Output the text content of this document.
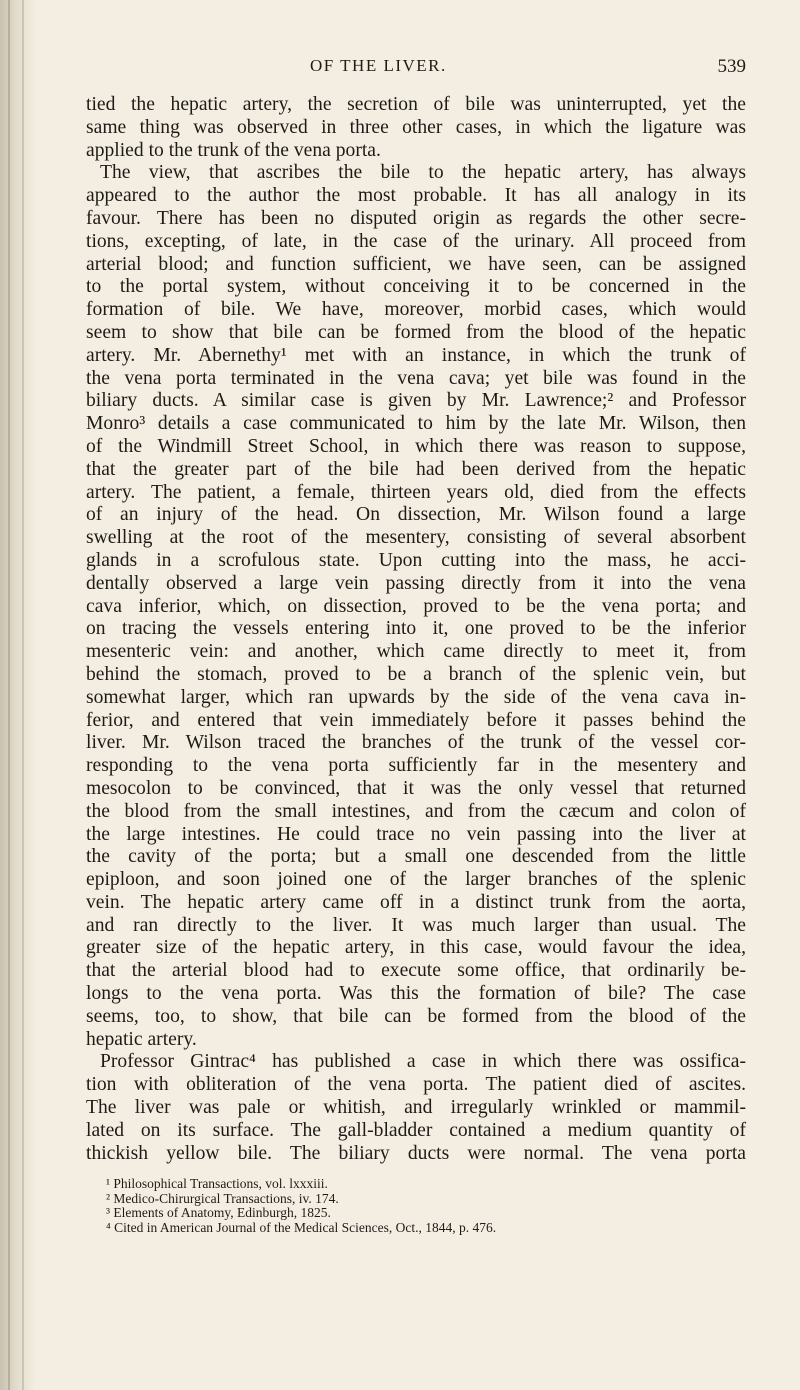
OF THE LIVER.	539
tied the hepatic artery, the secretion of bile was uninterrupted, yet the
same thing was observed in three other cases, in which the ligature was
applied to the trunk of the vena porta.
The view, that ascribes the bile to the hepatic artery, has always
appeared to the author the most probable. It has all analogy in its
favour. There has been no disputed origin as regards the other secre-
tions, excepting, of late, in the case of the urinary. All proceed from
arterial blood; and function sufficient, we have seen, can be assigned
to the portal system, without conceiving it to be concerned in the
formation of bile. We have, moreover, morbid cases, which would
seem to show that bile can be formed from the blood of the hepatic
artery. Mr. Abernethy¹ met with an instance, in which the trunk of
the vena porta terminated in the vena cava; yet bile was found in the
biliary ducts. A similar case is given by Mr. Lawrence;² and Professor
Monro³ details a case communicated to him by the late Mr. Wilson, then
of the Windmill Street School, in which there was reason to suppose,
that the greater part of the bile had been derived from the hepatic
artery. The patient, a female, thirteen years old, died from the effects
of an injury of the head. On dissection, Mr. Wilson found a large
swelling at the root of the mesentery, consisting of several absorbent
glands in a scrofulous state. Upon cutting into the mass, he acci-
dentally observed a large vein passing directly from it into the vena
cava inferior, which, on dissection, proved to be the vena porta; and
on tracing the vessels entering into it, one proved to be the inferior
mesenteric vein: and another, which came directly to meet it, from
behind the stomach, proved to be a branch of the splenic vein, but
somewhat larger, which ran upwards by the side of the vena cava in-
ferior, and entered that vein immediately before it passes behind the
liver. Mr. Wilson traced the branches of the trunk of the vessel cor-
responding to the vena porta sufficiently far in the mesentery and
mesocolon to be convinced, that it was the only vessel that returned
the blood from the small intestines, and from the cæcum and colon of
the large intestines. He could trace no vein passing into the liver at
the cavity of the porta; but a small one descended from the little
epiploon, and soon joined one of the larger branches of the splenic
vein. The hepatic artery came off in a distinct trunk from the aorta,
and ran directly to the liver. It was much larger than usual. The
greater size of the hepatic artery, in this case, would favour the idea,
that the arterial blood had to execute some office, that ordinarily be-
longs to the vena porta. Was this the formation of bile? The case
seems, too, to show, that bile can be formed from the blood of the
hepatic artery.
Professor Gintrac⁴ has published a case in which there was ossifica-
tion with obliteration of the vena porta. The patient died of ascites.
The liver was pale or whitish, and irregularly wrinkled or mammil-
lated on its surface. The gall-bladder contained a medium quantity of
thickish yellow bile. The biliary ducts were normal. The vena porta
¹ Philosophical Transactions, vol. lxxxiii.
² Medico-Chirurgical Transactions, iv. 174.
³ Elements of Anatomy, Edinburgh, 1825.
⁴ Cited in American Journal of the Medical Sciences, Oct., 1844, p. 476.
